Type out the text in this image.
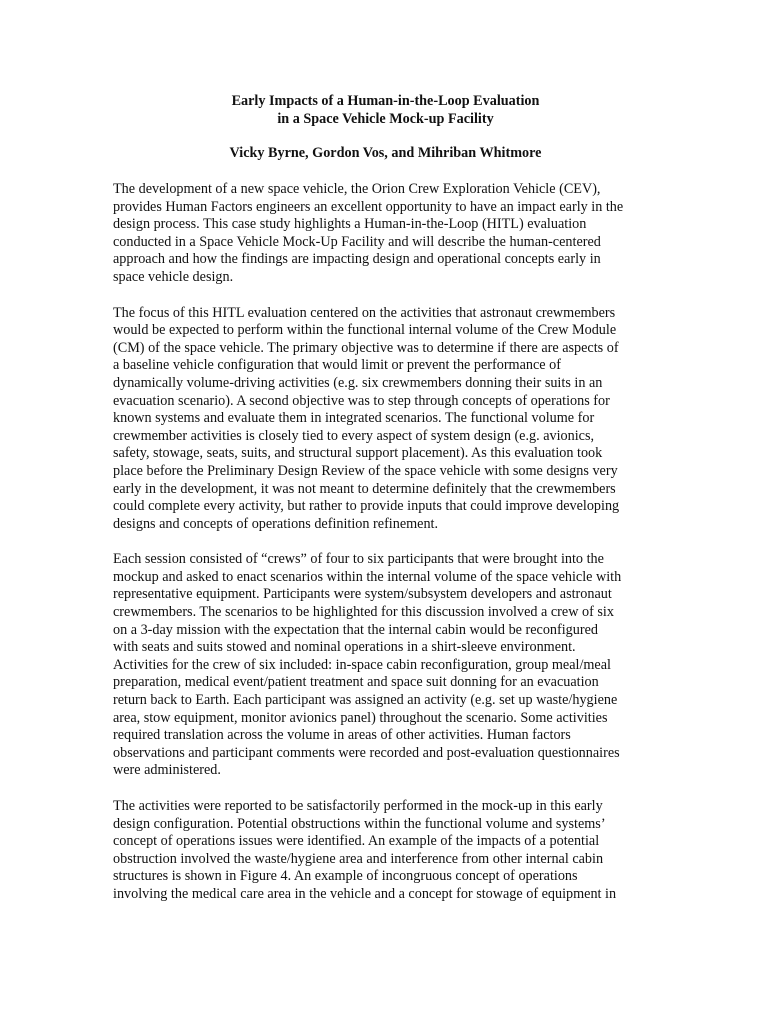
Early Impacts of a Human-in-the-Loop Evaluation
in a Space Vehicle Mock-up Facility

Vicky Byrne, Gordon Vos, and Mihriban Whitmore

The development of a new space vehicle, the Orion Crew Exploration Vehicle (CEV),
provides Human Factors engineers an excellent opportunity to have an impact early in the
design process. This case study highlights a Human-in-the-Loop (HITL) evaluation
conducted in a Space Vehicle Mock-Up Facility and will describe the human-centered
approach and how the findings are impacting design and operational concepts early in
space vehicle design.

The focus of this HITL evaluation centered on the activities that astronaut crewmembers
would be expected to perform within the functional internal volume of the Crew Module
(CM) of the space vehicle. The primary objective was to determine if there are aspects of
a baseline vehicle configuration that would limit or prevent the performance of
dynamically volume-driving activities (e.g. six crewmembers donning their suits in an
evacuation scenario). A second objective was to step through concepts of operations for
known systems and evaluate them in integrated scenarios. The functional volume for
crewmember activities is closely tied to every aspect of system design (e.g. avionics,
safety, stowage, seats, suits, and structural support placement). As this evaluation took
place before the Preliminary Design Review of the space vehicle with some designs very
early in the development, it was not meant to determine definitely that the crewmembers
could complete every activity, but rather to provide inputs that could improve developing
designs and concepts of operations definition refinement.

Each session consisted of “crews” of four to six participants that were brought into the
mockup and asked to enact scenarios within the internal volume of the space vehicle with
representative equipment. Participants were system/subsystem developers and astronaut
crewmembers. The scenarios to be highlighted for this discussion involved a crew of six
on a 3-day mission with the expectation that the internal cabin would be reconfigured
with seats and suits stowed and nominal operations in a shirt-sleeve environment.
Activities for the crew of six included: in-space cabin reconfiguration, group meal/meal
preparation, medical event/patient treatment and space suit donning for an evacuation
return back to Earth. Each participant was assigned an activity (e.g. set up waste/hygiene
area, stow equipment, monitor avionics panel) throughout the scenario. Some activities
required translation across the volume in areas of other activities. Human factors
observations and participant comments were recorded and post-evaluation questionnaires
were administered.

The activities were reported to be satisfactorily performed in the mock-up in this early
design configuration. Potential obstructions within the functional volume and systems’
concept of operations issues were identified. An example of the impacts of a potential
obstruction involved the waste/hygiene area and interference from other internal cabin
structures is shown in Figure 4. An example of incongruous concept of operations
involving the medical care area in the vehicle and a concept for stowage of equipment in
